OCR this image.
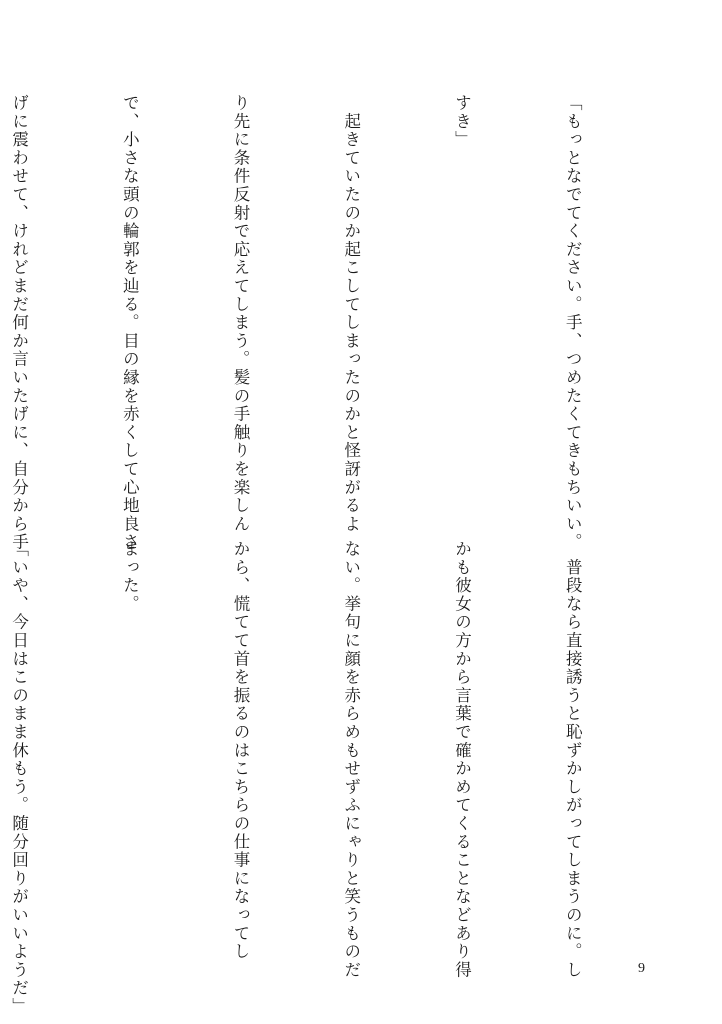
「もっとなでてください。手、つめたくてきもちいい。

すき」

　起きていたのか起こしてしまったのかと怪訝がるよ

り先に条件反射で応えてしまう。髪の手触りを楽しん

で、小さな頭の輪郭を辿る。目の縁を赤くして心地良さ

げに震わせて、けれどまだ何か言いたげに、自分から手

　普段なら直接誘うと恥ずかしがってしまうのに。し

かも彼女の方から言葉で確かめてくることなどあり得

ない。挙句に顔を赤らめもせずふにゃりと笑うものだ

から、慌てて首を振るのはこちらの仕事になってし

まった。

「いや、今日はこのまま休もう。随分回りがいいようだ」

	9
